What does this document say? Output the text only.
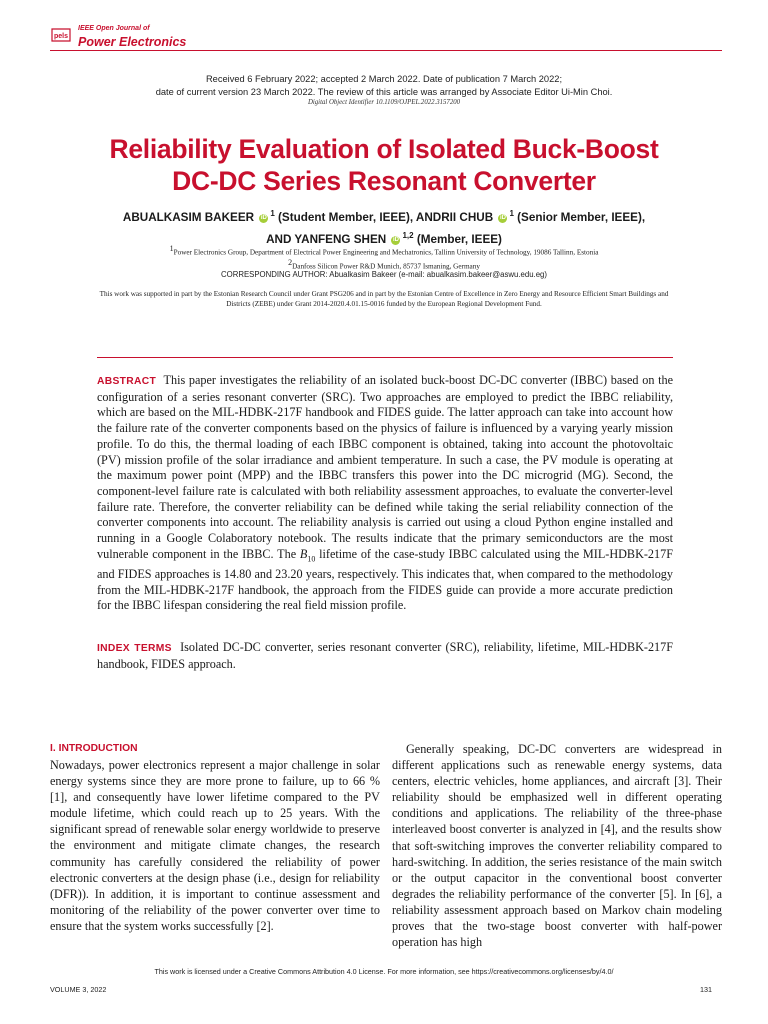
pels
IEEE Open Journal of
Power Electronics
Received 6 February 2022; accepted 2 March 2022. Date of publication 7 March 2022;
date of current version 23 March 2022. The review of this article was arranged by Associate Editor Ui-Min Choi.
Digital Object Identifier 10.1109/OJPEL.2022.3157200
Reliability Evaluation of Isolated Buck-Boost
DC-DC Series Resonant Converter
ABUALKASIM BAKEER iD $^1$ (Student Member, IEEE), ANDRII CHUB iD $^1$ (Senior Member, IEEE),
AND YANFENG SHEN iD $^{1,2}$ (Member, IEEE)
$^1$Power Electronics Group, Department of Electrical Power Engineering and Mechatronics, Tallinn University of Technology, 19086 Tallinn, Estonia
$^2$Danfoss Silicon Power R&D Munich, 85737 Ismaning, Germany
CORRESPONDING AUTHOR: Abualkasim Bakeer (e-mail: abualkasim.bakeer@aswu.edu.eg)
This work was supported in part by the Estonian Research Council under Grant PSG206 and in part by the Estonian Centre of Excellence in Zero Energy and Resource Efficient Smart Buildings and Districts (ZEBE) under Grant 2014-2020.4.01.15-0016 funded by the European Regional Development Fund.
ABSTRACT This paper investigates the reliability of an isolated buck-boost DC-DC converter (IBBC) based on the configuration of a series resonant converter (SRC). Two approaches are employed to predict the IBBC reliability, which are based on the MIL-HDBK-217F handbook and FIDES guide. The latter approach can take into account how the failure rate of the converter components based on the physics of failure is influenced by a varying yearly mission profile. To do this, the thermal loading of each IBBC component is obtained, taking into account the photovoltaic (PV) mission profile of the solar irradiance and ambient temperature. In such a case, the PV module is operating at the maximum power point (MPP) and the IBBC transfers this power into the DC microgrid (MG). Second, the component-level failure rate is calculated with both reliability assessment approaches, to evaluate the converter-level failure rate. Therefore, the converter reliability can be defined while taking the serial reliability connection of the converter components into account. The reliability analysis is carried out using a cloud Python engine installed and running in a Google Colaboratory notebook. The results indicate that the primary semiconductors are the most vulnerable component in the IBBC. The $B_{10}$ lifetime of the case-study IBBC calculated using the MIL-HDBK-217F and FIDES approaches is 14.80 and 23.20 years, respectively. This indicates that, when compared to the methodology from the MIL-HDBK-217F handbook, the approach from the FIDES guide can provide a more accurate prediction for the IBBC lifespan considering the real field mission profile.
INDEX TERMS Isolated DC-DC converter, series resonant converter (SRC), reliability, lifetime, MIL-HDBK-217F handbook, FIDES approach.
I. INTRODUCTION
Nowadays, power electronics represent a major challenge in solar energy systems since they are more prone to failure, up to 66 % [1], and consequently have lower lifetime compared to the PV module lifetime, which could reach up to 25 years. With the significant spread of renewable solar energy worldwide to preserve the environment and mitigate climate changes, the research community has carefully considered the reliability of power electronic converters at the design phase (i.e., design for reliability (DFR)). In addition, it is important to continue assessment and monitoring of the reliability of the power converter over time to ensure that the system works successfully [2].
Generally speaking, DC-DC converters are widespread in different applications such as renewable energy systems, data centers, electric vehicles, home appliances, and aircraft [3]. Their reliability should be emphasized well in different operating conditions and applications. The reliability of the three-phase interleaved boost converter is analyzed in [4], and the results show that soft-switching improves the converter reliability compared to hard-switching. In addition, the series resistance of the main switch or the output capacitor in the conventional boost converter degrades the reliability performance of the converter [5]. In [6], a reliability assessment approach based on Markov chain modeling proves that the two-stage boost converter with half-power operation has high
This work is licensed under a Creative Commons Attribution 4.0 License. For more information, see https://creativecommons.org/licenses/by/4.0/
VOLUME 3, 2022	131
